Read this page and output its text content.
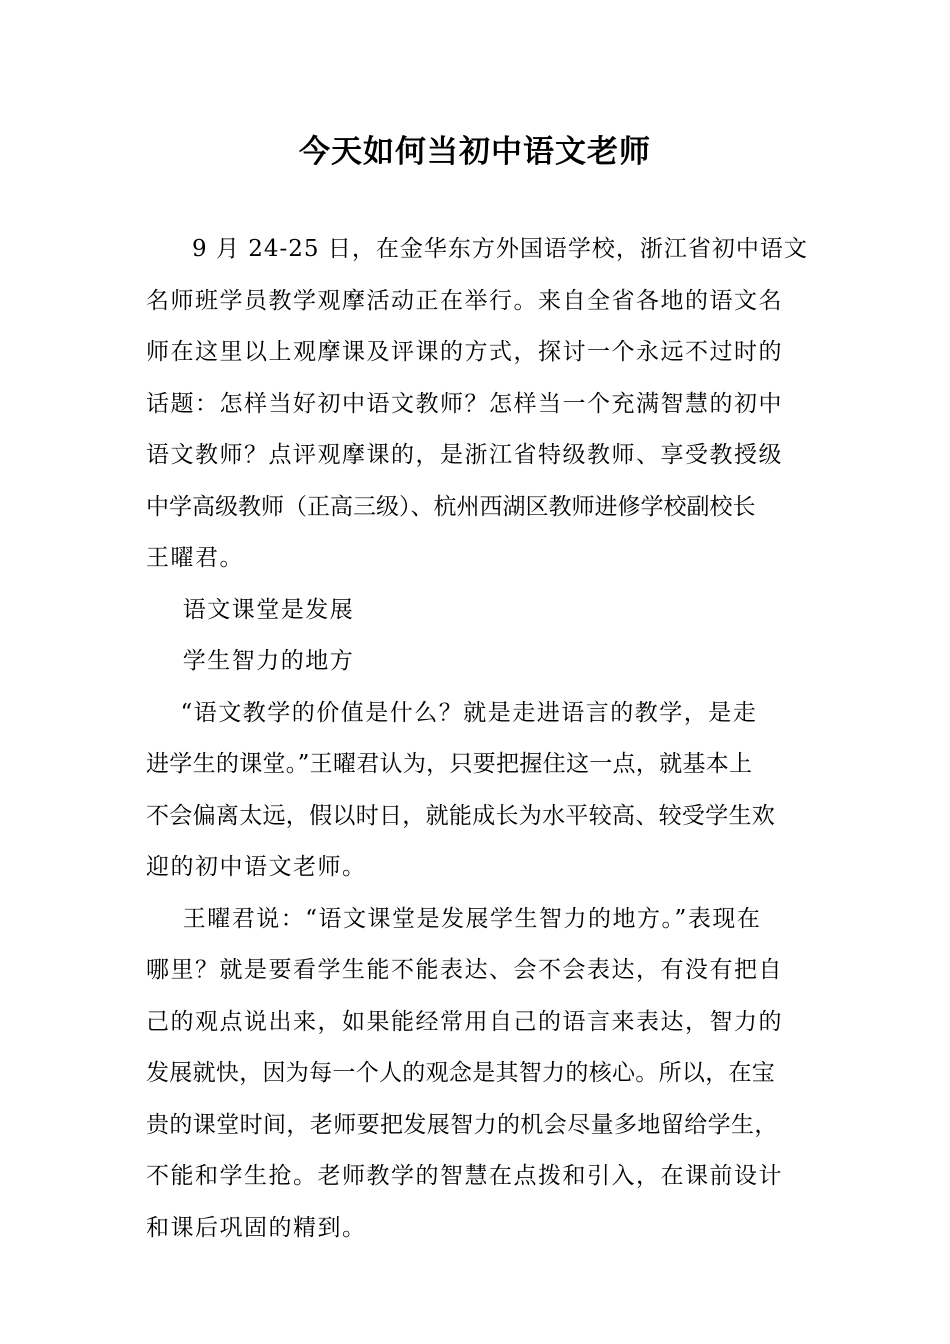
今天如何当初中语文老师

9 月 24-25 日，在金华东方外国语学校，浙江省初中语文
名师班学员教学观摩活动正在举行。来自全省各地的语文名
师在这里以上观摩课及评课的方式，探讨一个永远不过时的
话题：怎样当好初中语文教师？怎样当一个充满智慧的初中
语文教师？点评观摩课的，是浙江省特级教师、享受教授级
中学高级教师（正高三级）、杭州西湖区教师进修学校副校长
王曜君。

语文课堂是发展

学生智力的地方

“语文教学的价值是什么？就是走进语言的教学，是走
进学生的课堂。”王曜君认为，只要把握住这一点，就基本上
不会偏离太远，假以时日，就能成长为水平较高、较受学生欢
迎的初中语文老师。

王曜君说：“语文课堂是发展学生智力的地方。”表现在
哪里？就是要看学生能不能表达、会不会表达，有没有把自
己的观点说出来，如果能经常用自己的语言来表达，智力的
发展就快，因为每一个人的观念是其智力的核心。所以，在宝
贵的课堂时间，老师要把发展智力的机会尽量多地留给学生，
不能和学生抢。老师教学的智慧在点拨和引入，在课前设计
和课后巩固的精到。
